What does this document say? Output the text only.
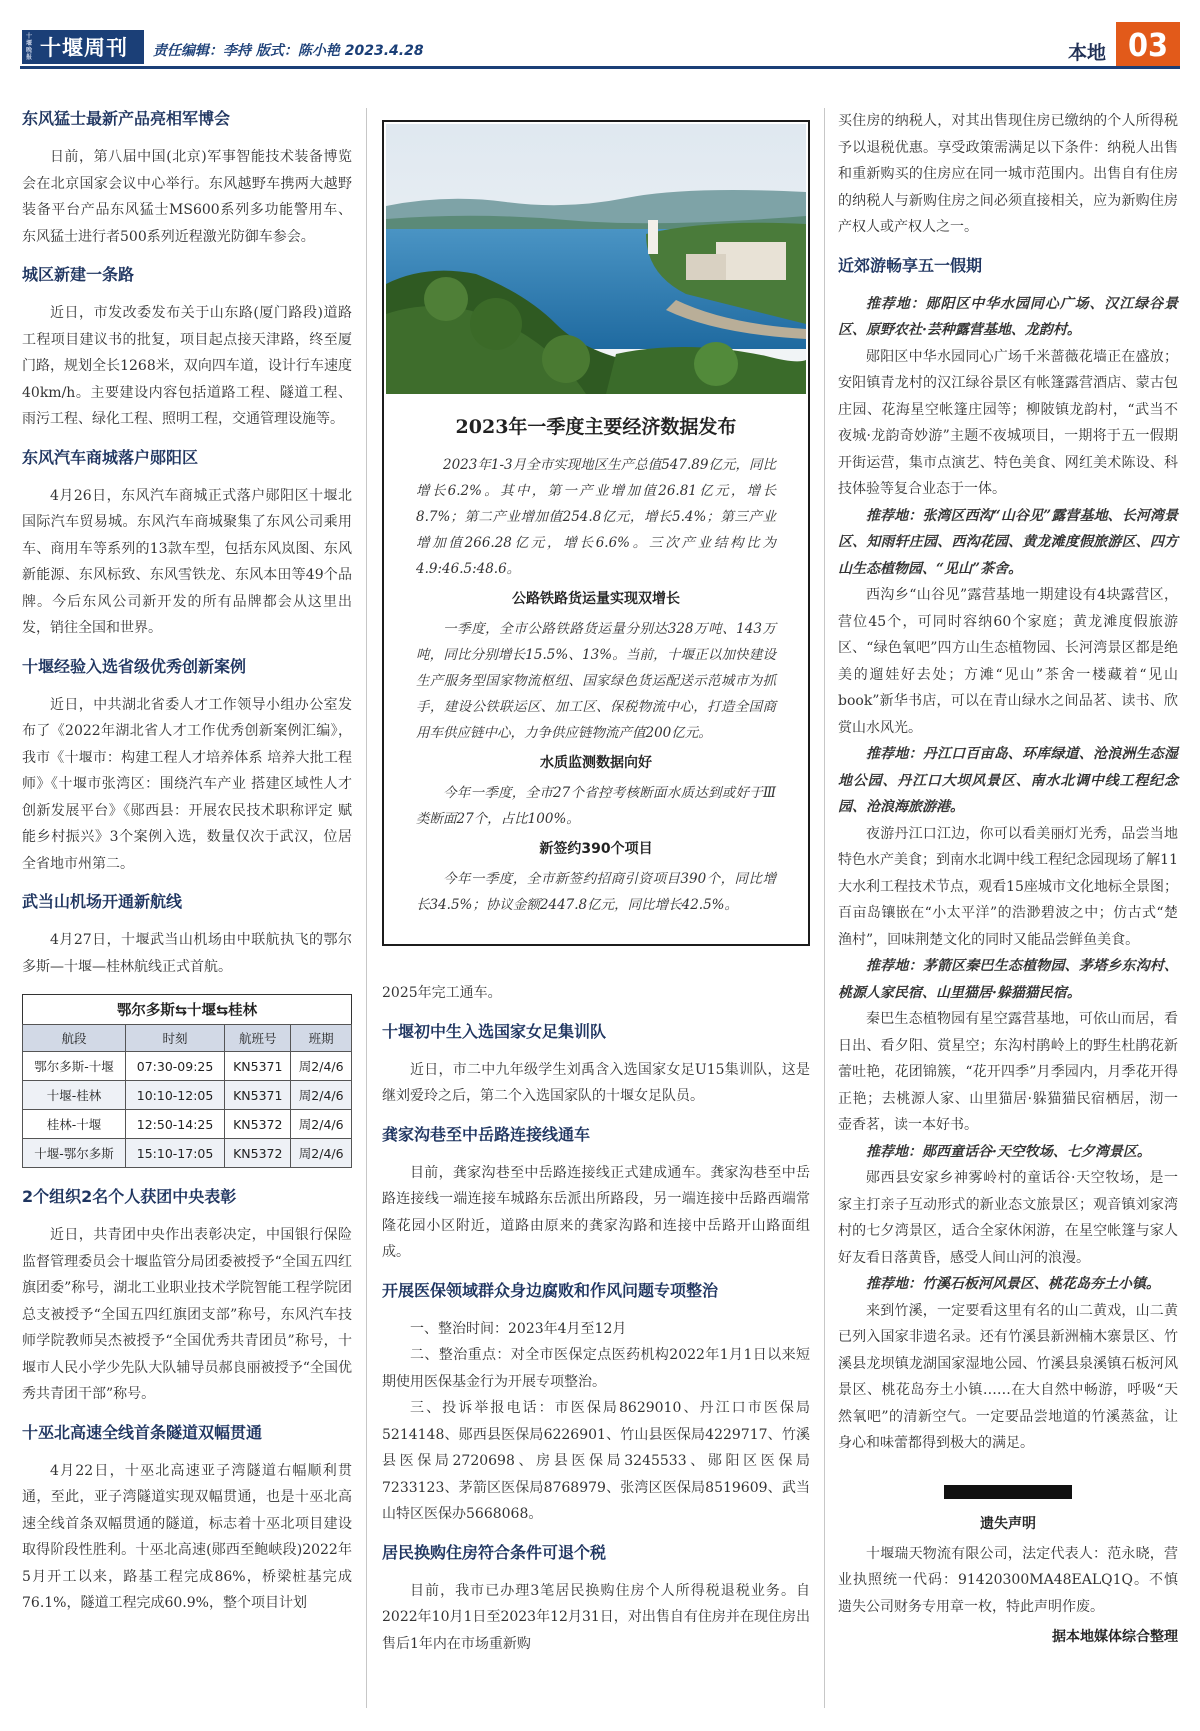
十堰晚报 十堰周刊 责任编辑：李持 版式：陈小艳 2023.4.28	本地 03
东风猛士最新产品亮相军博会

日前，第八届中国(北京)军事智能技术装备博览会在北京国家会议中心举行。东风越野车携两大越野装备平台产品东风猛士MS600系列多功能警用车、东风猛士进行者500系列近程激光防御车参会。

城区新建一条路

近日，市发改委发布关于山东路(厦门路段)道路工程项目建议书的批复，项目起点接天津路，终至厦门路，规划全长1268米，双向四车道，设计行车速度40km/h。主要建设内容包括道路工程、隧道工程、雨污工程、绿化工程、照明工程，交通管理设施等。

东风汽车商城落户郧阳区

4月26日，东风汽车商城正式落户郧阳区十堰北国际汽车贸易城。东风汽车商城聚集了东风公司乘用车、商用车等系列的13款车型，包括东风岚图、东风新能源、东风标致、东风雪铁龙、东风本田等49个品牌。今后东风公司新开发的所有品牌都会从这里出发，销往全国和世界。

十堰经验入选省级优秀创新案例

近日，中共湖北省委人才工作领导小组办公室发布了《2022年湖北省人才工作优秀创新案例汇编》，我市《十堰市：构建工程人才培养体系 培养大批工程师》《十堰市张湾区：围绕汽车产业 搭建区域性人才创新发展平台》《郧西县：开展农民技术职称评定 赋能乡村振兴》3个案例入选，数量仅次于武汉，位居全省地市州第二。

武当山机场开通新航线

4月27日，十堰武当山机场由中联航执飞的鄂尔多斯—十堰—桂林航线正式首航。

鄂尔多斯⇆十堰⇆桂林
航段	时刻	航班号	班期
鄂尔多斯-十堰	07:30-09:25	KN5371	周2/4/6
十堰-桂林	10:10-12:05	KN5371	周2/4/6
桂林-十堰	12:50-14:25	KN5372	周2/4/6
十堰-鄂尔多斯	15:10-17:05	KN5372	周2/4/6
2个组织2名个人获团中央表彰

近日，共青团中央作出表彰决定，中国银行保险监督管理委员会十堰监管分局团委被授予“全国五四红旗团委”称号，湖北工业职业技术学院智能工程学院团总支被授予“全国五四红旗团支部”称号，东风汽车技师学院教师吴杰被授予“全国优秀共青团员”称号，十堰市人民小学少先队大队辅导员郝良丽被授予“全国优秀共青团干部”称号。

十巫北高速全线首条隧道双幅贯通

4月22日，十巫北高速亚子湾隧道右幅顺利贯通，至此，亚子湾隧道实现双幅贯通，也是十巫北高速全线首条双幅贯通的隧道，标志着十巫北项目建设取得阶段性胜利。十巫北高速(郧西至鲍峡段)2022年5月开工以来，路基工程完成86%，桥梁桩基完成76.1%，隧道工程完成60.9%，整个项目计划

2023年一季度主要经济数据发布

2023年1-3月全市实现地区生产总值547.89亿元，同比增长6.2%。其中，第一产业增加值26.81亿元，增长8.7%；第二产业增加值254.8亿元，增长5.4%；第三产业增加值266.28亿元，增长6.6%。三次产业结构比为4.9:46.5:48.6。

公路铁路货运量实现双增长

一季度，全市公路铁路货运量分别达328万吨、143万吨，同比分别增长15.5%、13%。当前，十堰正以加快建设生产服务型国家物流枢纽、国家绿色货运配送示范城市为抓手，建设公铁联运区、加工区、保税物流中心，打造全国商用车供应链中心，力争供应链物流产值200亿元。

水质监测数据向好

今年一季度，全市27个省控考核断面水质达到或好于Ⅲ类断面27个，占比100%。

新签约390个项目

今年一季度，全市新签约招商引资项目390个，同比增长34.5%；协议金额2447.8亿元，同比增长42.5%。

2025年完工通车。

十堰初中生入选国家女足集训队

近日，市二中九年级学生刘禹含入选国家女足U15集训队，这是继刘爱玲之后，第二个入选国家队的十堰女足队员。

龚家沟巷至中岳路连接线通车

目前，龚家沟巷至中岳路连接线正式建成通车。龚家沟巷至中岳路连接线一端连接车城路东岳派出所路段，另一端连接中岳路西端常隆花园小区附近，道路由原来的龚家沟路和连接中岳路开山路面组成。

开展医保领域群众身边腐败和作风问题专项整治

一、整治时间：2023年4月至12月

二、整治重点：对全市医保定点医药机构2022年1月1日以来短期使用医保基金行为开展专项整治。

三、投诉举报电话：市医保局8629010、丹江口市医保局5214148、郧西县医保局6226901、竹山县医保局4229717、竹溪县医保局2720698、房县医保局3245533、郧阳区医保局7233123、茅箭区医保局8768979、张湾区医保局8519609、武当山特区医保办5668068。

居民换购住房符合条件可退个税

目前，我市已办理3笔居民换购住房个人所得税退税业务。自2022年10月1日至2023年12月31日，对出售自有住房并在现住房出售后1年内在市场重新购

买住房的纳税人，对其出售现住房已缴纳的个人所得税予以退税优惠。享受政策需满足以下条件：纳税人出售和重新购买的住房应在同一城市范围内。出售自有住房的纳税人与新购住房之间必须直接相关，应为新购住房产权人或产权人之一。

近郊游畅享五一假期

推荐地：郧阳区中华水园同心广场、汉江绿谷景区、原野农社·芸种露营基地、龙韵村。

郧阳区中华水园同心广场千米蔷薇花墙正在盛放；安阳镇青龙村的汉江绿谷景区有帐篷露营酒店、蒙古包庄园、花海星空帐篷庄园等；柳陂镇龙韵村，“武当不夜城·龙韵奇妙游”主题不夜城项目，一期将于五一假期开街运营，集市点演艺、特色美食、网红美术陈设、科技体验等复合业态于一体。

推荐地：张湾区西沟“山谷见”露营基地、长河湾景区、知雨轩庄园、西沟花园、黄龙滩度假旅游区、四方山生态植物园、“见山”茶舍。

西沟乡“山谷见”露营基地一期建设有4块露营区，营位45个，可同时容纳60个家庭；黄龙滩度假旅游区、“绿色氧吧”四方山生态植物园、长河湾景区都是绝美的遛娃好去处；方滩“见山”茶舍一楼藏着“见山book”新华书店，可以在青山绿水之间品茗、读书、欣赏山水风光。

推荐地：丹江口百亩岛、环库绿道、沧浪洲生态湿地公园、丹江口大坝风景区、南水北调中线工程纪念园、沧浪海旅游港。

夜游丹江口江边，你可以看美丽灯光秀，品尝当地特色水产美食；到南水北调中线工程纪念园现场了解11大水利工程技术节点，观看15座城市文化地标全景图；百亩岛镶嵌在“小太平洋”的浩渺碧波之中；仿古式“楚渔村”，回味荆楚文化的同时又能品尝鲜鱼美食。

推荐地：茅箭区秦巴生态植物园、茅塔乡东沟村、桃源人家民宿、山里猫居·躲猫猫民宿。

秦巴生态植物园有星空露营基地，可依山而居，看日出、看夕阳、赏星空；东沟村鹃岭上的野生杜鹃花新蕾吐艳，花团锦簇，“花开四季”月季园内，月季花开得正艳；去桃源人家、山里猫居·躲猫猫民宿栖居，沏一壶香茗，读一本好书。

推荐地：郧西童话谷·天空牧场、七夕湾景区。

郧西县安家乡神雾岭村的童话谷·天空牧场，是一家主打亲子互动形式的新业态文旅景区；观音镇刘家湾村的七夕湾景区，适合全家休闲游，在星空帐篷与家人好友看日落黄昏，感受人间山河的浪漫。

推荐地：竹溪石板河风景区、桃花岛夯土小镇。

来到竹溪，一定要看这里有名的山二黄戏，山二黄已列入国家非遗名录。还有竹溪县新洲楠木寨景区、竹溪县龙坝镇龙湖国家湿地公园、竹溪县泉溪镇石板河风景区、桃花岛夯土小镇……在大自然中畅游，呼吸“天然氧吧”的清新空气。一定要品尝地道的竹溪蒸盆，让身心和味蕾都得到极大的满足。

遗失声明

十堰瑞天物流有限公司，法定代表人：范永晓，营业执照统一代码：91420300MA48EALQ1Q。不慎遗失公司财务专用章一枚，特此声明作废。

据本地媒体综合整理
